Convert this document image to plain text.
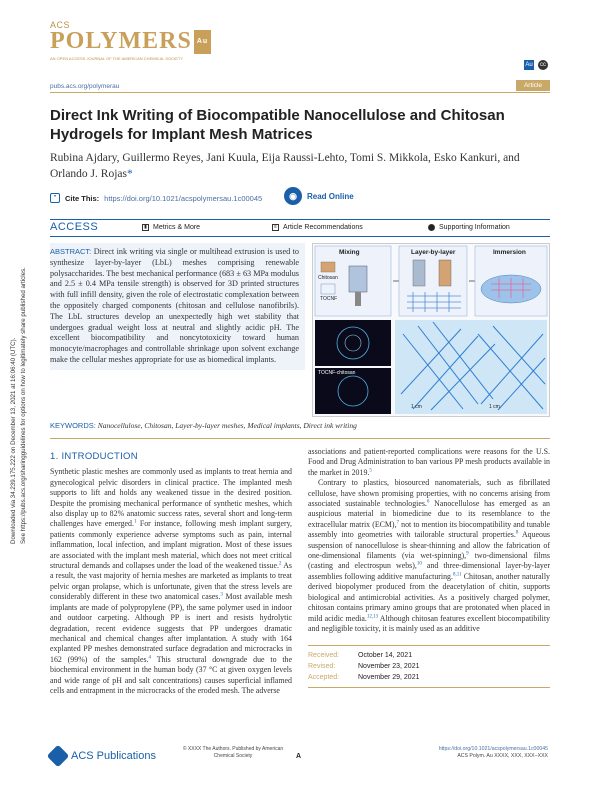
Downloaded via 34.239.175.222 on December 13, 2021 at 16:06:40 (UTC). See https://pubs.acs.org/sharingguidelines for options on how to legitimately share published articles.
ACS
POLYMERS Au
AN OPEN ACCESS JOURNAL OF THE AMERICAN CHEMICAL SOCIETY
Au	cc
pubs.acs.org/polymerau	Article
Direct Ink Writing of Biocompatible Nanocellulose and Chitosan Hydrogels for Implant Mesh Matrices
Rubina Ajdary, Guillermo Reyes, Jani Kuula, Eija Raussi-Lehto, Tomi S. Mikkola, Esko Kankuri, and Orlando J. Rojas*
”	Cite This: https://doi.org/10.1021/acspolymersau.1c00045	◉	Read Online
ACCESS	▮ Metrics & More	≡ Article Recommendations	Supporting Information
ABSTRACT: Direct ink writing via single or multihead extrusion is used to synthesize layer-by-layer (LbL) meshes comprising renewable polysaccharides. The best mechanical performance (683 ± 63 MPa modulus and 2.5 ± 0.4 MPa tensile strength) is observed for 3D printed structures with full infill density, given the role of electrostatic complexation between the oppositely charged components (chitosan and cellulose nanofibrils). The LbL structures develop an unexpectedly high wet stability that undergoes gradual weight loss at neutral and slightly acidic pH. The excellent biocompatibility and noncytotoxicity toward human monocyte/macrophages and controllable shrinkage upon solvent exchange make the cellular meshes appropriate for use as biomedical implants.
Mixing	Layer-by-layer	Immersion
Chitosan
TOCNF
TOCNF-chitosan
1 cm	1 cm
KEYWORDS: Nanocellulose, Chitosan, Layer-by-layer meshes, Medical implants, Direct ink writing
1. INTRODUCTION

Synthetic plastic meshes are commonly used as implants to treat hernia and gynecological pelvic disorders in clinical practice. The implanted mesh supports to lift and holds any weakened tissue in the desired position. Despite the promising mechanical performance of synthetic meshes, which also display up to 82% anatomic success rates, several short and long-term challenges have emerged.$^1$ For instance, following mesh implant surgery, patients commonly experience adverse symptoms such as pain, internal inflammation, local infection, and implant migration. Most of these issues are associated with the implant mesh material, which does not meet critical structural demands and collapses under the load of the weakened tissue.$^2$ As a result, the vast majority of hernia meshes are marketed as implants to treat pelvic organ prolapse, which is unfortunate, given that the stress levels are considerably different in these two anatomical cases.$^3$ Most available mesh implants are made of polypropylene (PP), the same polymer used in indoor and outdoor carpeting. Although PP is inert and resists hydrolytic degradation, recent evidence suggests that PP undergoes dramatic mechanical and chemical changes after implantation. A study with 164 explanted PP meshes demonstrated surface degradation and microcracks in 162 (99%) of the samples.$^4$ This structural downgrade due to the biochemical environment in the human body (37 °C at given oxygen levels and wide range of pH and salt concentrations) causes superficial inflamed cells and entrapment in the microcracks of the eroded mesh. The adverse

associations and patient-reported complications were reasons for the U.S. Food and Drug Administration to ban various PP mesh products available in the market in 2019.$^5$

Contrary to plastics, biosourced nanomaterials, such as fibrillated cellulose, have shown promising properties, with no concerns arising from associated sustainable technologies.$^6$ Nanocellulose has emerged as an auspicious material in biomedicine due to its resemblance to the extracellular matrix (ECM),$^7$ not to mention its biocompatibility and tunable assembly into geometries with tailorable structural properties.$^8$ Aqueous suspension of nanocellulose is shear-thinning and allow the fabrication of one-dimensional filaments (via wet-spinning),$^9$ two-dimensional films (casting and electrospun webs),$^{10}$ and three-dimensional layer-by-layer assemblies following additive manufacturing.$^{8,11}$ Chitosan, another naturally derived biopolymer produced from the deacetylation of chitin, supports biological and antimicrobial activities. As a positively charged polymer, chitosan contains primary amino groups that are protonated when placed in mild acidic media.$^{12,13}$ Although chitosan features excellent biocompatibility and negligible toxicity, it is mainly used as an additive

Received:	October 14, 2021
Revised:	November 23, 2021
Accepted:	November 29, 2021
ACS Publications
© XXXX The Authors. Published by American Chemical Society	A
https://doi.org/10.1021/acspolymersau.1c00045
ACS Polym. Au XXXX, XXX, XXX−XXX
